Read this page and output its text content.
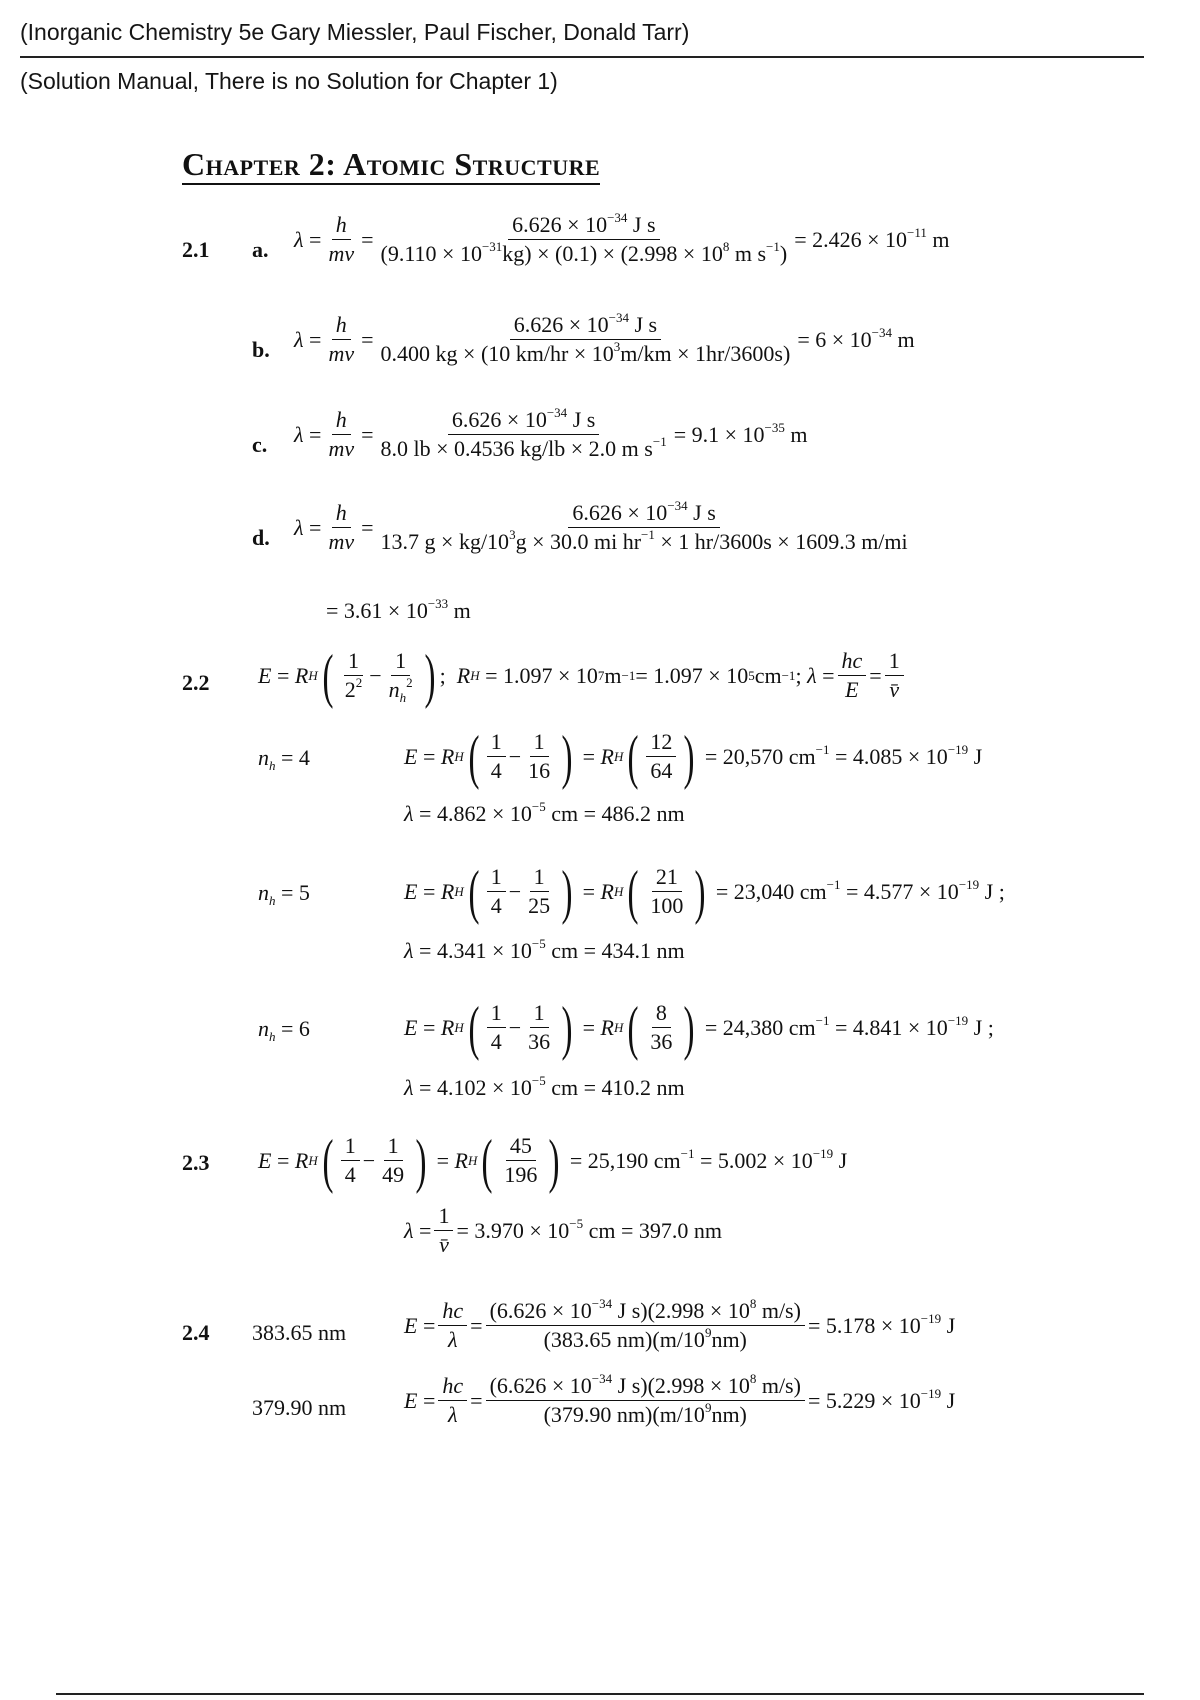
(Inorganic Chemistry 5e Gary Miessler, Paul Fischer, Donald Tarr)
(Solution Manual, There is no Solution for Chapter 1)
Chapter 2: Atomic Structure
2.1 a. $\lambda = \frac{h}{mv} = \frac{6.626 \times 10^{-34} J s}{(9.110 \times 10^{-31}kg) \times (0.1) \times (2.998 \times 10^8 m s^{-1})} = 2.426 \times 10^{-11}$ m
b. $\lambda = \frac{h}{mv} = \frac{6.626 \times 10^{-34} J s}{0.400 kg \times (10 km/hr \times 10^3m/km \times 1hr/3600s)} = 6 \times 10^{-34}$ m
c. $\lambda = \frac{h}{mv} = \frac{6.626 \times 10^{-34} J s}{8.0 lb \times 0.4536 kg/lb \times 2.0 m s^{-1}} = 9.1 \times 10^{-35}$ m
d. $\lambda = \frac{h}{mv} = \frac{6.626 \times 10^{-34} J s}{13.7 g \times kg/10^3g \times 30.0 mi hr^{-1} \times 1 hr/3600s \times 1609.3 m/mi}$
= $3.61 \times 10^{-33}$ m
2.2 E = R H ( $\frac{1}{2^2} - \frac{1}{n_h^2}$ ) ; R H = 1.097 × 10 7 m −1 = 1.097 × 10 5 cm −1 ; $\lambda = \frac{hc}{E} = \frac{1}{v̄}$
$n_h = 4$	E = R H ( $\frac{1}{4} - \frac{1}{16}$ ) = R H ( $\frac{12}{64}$ )
= 20,570 $cm^{-1} = 4.085 \times 10^{-19}$ J
$\lambda = 4.862 \times 10^{-5}$ cm = 486.2 nm
$n_h = 5$	E = R H ( $\frac{1}{4} - \frac{1}{25}$ ) = R H ( $\frac{21}{100}$ )
= 23,040 $cm^{-1} = 4.577 \times 10^{-19}$ J ;
$\lambda = 4.341 \times 10^{-5}$ cm = 434.1 nm
$n_h = 6$	E = R H ( $\frac{1}{4} - \frac{1}{36}$ ) = R H ( $\frac{8}{36}$ )
= 24,380 $cm^{-1} = 4.841 \times 10^{-19}$ J ;
$\lambda = 4.102 \times 10^{-5}$ cm = 410.2 nm
2.3 E = R H ( $\frac{1}{4} - \frac{1}{49}$ ) = R H ( $\frac{45}{196}$ )
= 25,190 $cm^{-1} = 5.002 \times 10^{-19}$ J
$\lambda = \frac{1}{v̄} = 3.970 \times 10^{-5}$ cm = 397.0 nm
2.4 383.65 nm	$E = \frac{hc}{\lambda} = \frac{(6.626 \times 10^{-34} J s)(2.998 \times 10^8 m/s)}{(383.65 nm)(m/10^9nm)} = 5.178 \times 10^{-19}$ J
379.90 nm	$E = \frac{hc}{\lambda} = \frac{(6.626 \times 10^{-34} J s)(2.998 \times 10^8 m/s)}{(379.90 nm)(m/10^9nm)} = 5.229 \times 10^{-19}$ J
